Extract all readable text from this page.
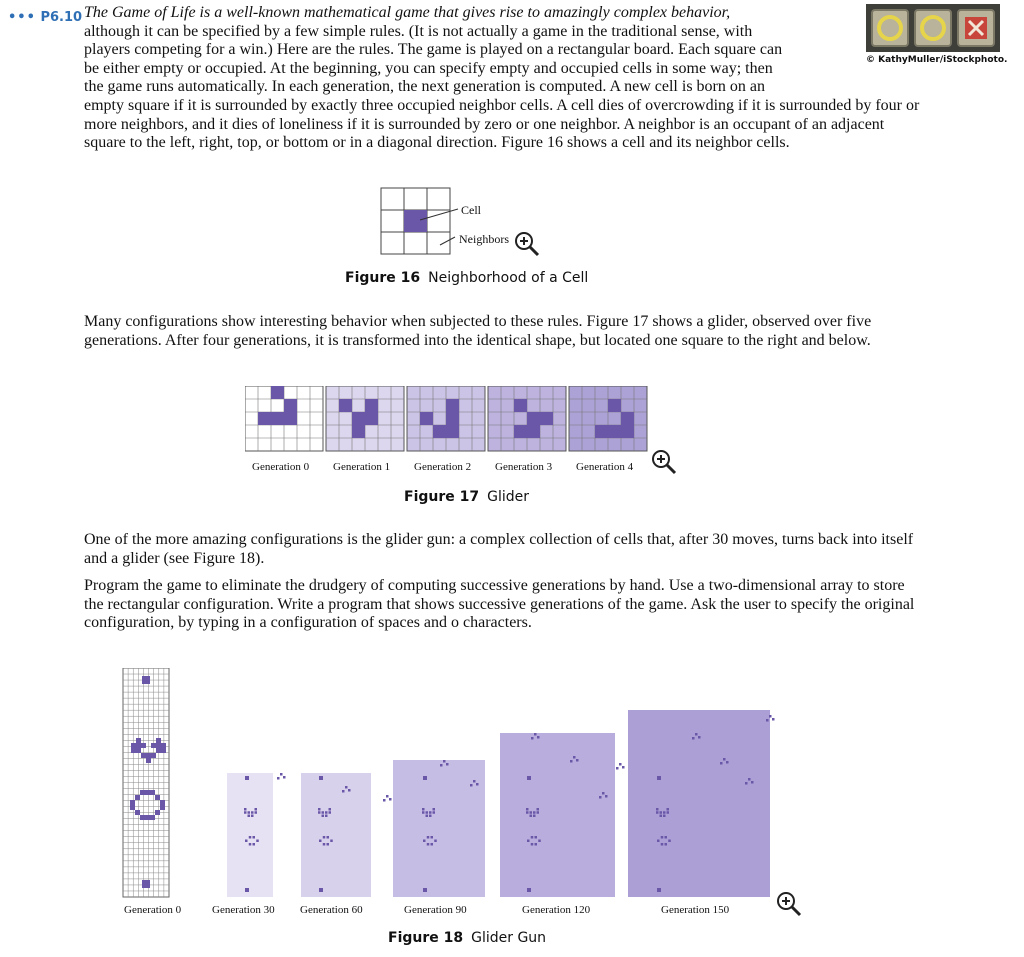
••• P6.10 The Game of Life is a well-known mathematical game that gives rise to amazingly complex behavior,
although it can be specified by a few simple rules. (It is not actually a game in the traditional sense, with
players competing for a win.) Here are the rules. The game is played on a rectangular board. Each square can
be either empty or occupied. At the beginning, you can specify empty and occupied cells in some way; then
the game runs automatically. In each generation, the next generation is computed. A new cell is born on an
empty square if it is surrounded by exactly three occupied neighbor cells. A cell dies of overcrowding if it is surrounded by four or
more neighbors, and it dies of loneliness if it is surrounded by zero or one neighbor. A neighbor is an occupant of an adjacent
square to the left, right, top, or bottom or in a diagonal direction. Figure 16 shows a cell and its neighbor cells.

© KathyMuller/iStockphoto.
Cell
Neighbors
Figure 16 Neighborhood of a Cell

Many configurations show interesting behavior when subjected to these rules. Figure 17 shows a glider, observed over five
generations. After four generations, it is transformed into the identical shape, but located one square to the right and below.

Generation 0 Generation 1 Generation 2 Generation 3 Generation 4
Figure 17 Glider

One of the more amazing configurations is the glider gun: a complex collection of cells that, after 30 moves, turns back into itself
and a glider (see Figure 18).

Program the game to eliminate the drudgery of computing successive generations by hand. Use a two-dimensional array to store
the rectangular configuration. Write a program that shows successive generations of the game. Ask the user to specify the original
configuration, by typing in a configuration of spaces and o characters.

Generation 0	Generation 30 Generation 60	Generation 90	Generation 120	Generation 150
Figure 18 Glider Gun
